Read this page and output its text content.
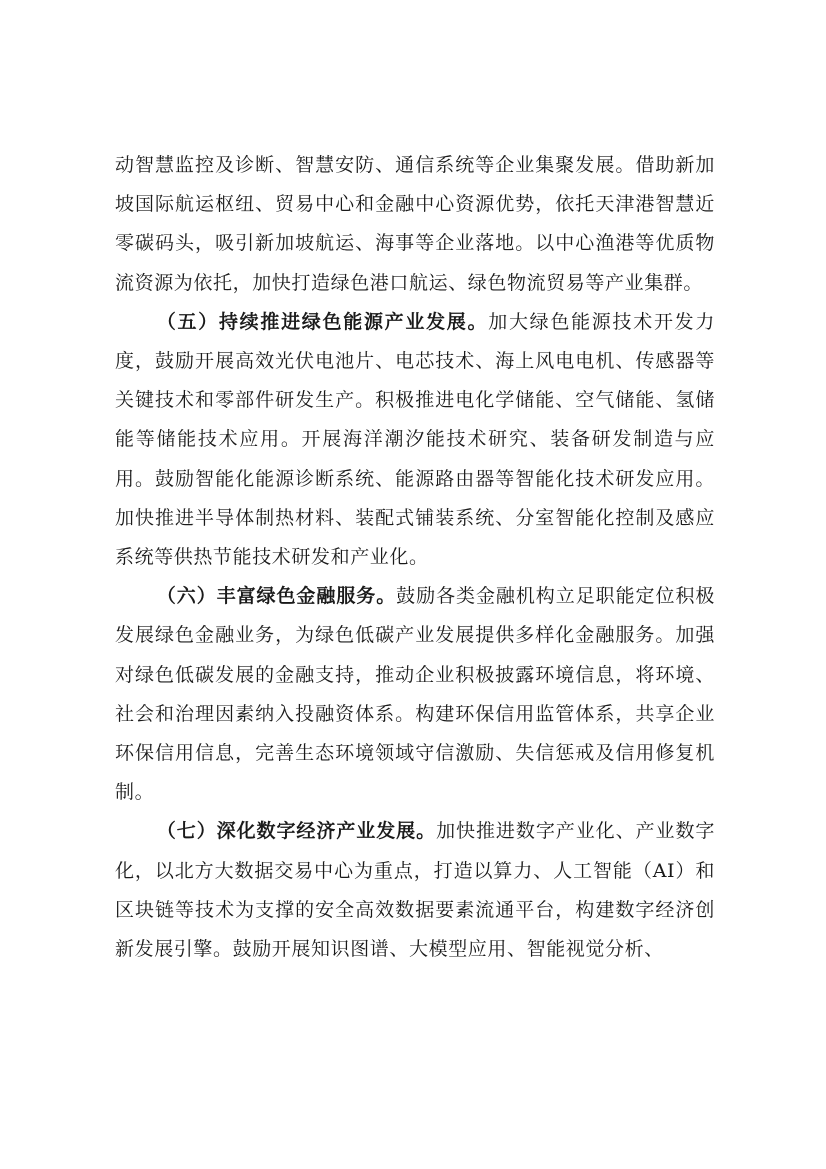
动智慧监控及诊断、智慧安防、通信系统等企业集聚发展。借助新加坡国际航运枢纽、贸易中心和金融中心资源优势，依托天津港智慧近零碳码头，吸引新加坡航运、海事等企业落地。以中心渔港等优质物流资源为依托，加快打造绿色港口航运、绿色物流贸易等产业集群。

（五）持续推进绿色能源产业发展。加大绿色能源技术开发力度，鼓励开展高效光伏电池片、电芯技术、海上风电电机、传感器等关键技术和零部件研发生产。积极推进电化学储能、空气储能、氢储能等储能技术应用。开展海洋潮汐能技术研究、装备研发制造与应用。鼓励智能化能源诊断系统、能源路由器等智能化技术研发应用。加快推进半导体制热材料、装配式铺装系统、分室智能化控制及感应系统等供热节能技术研发和产业化。

（六）丰富绿色金融服务。鼓励各类金融机构立足职能定位积极发展绿色金融业务，为绿色低碳产业发展提供多样化金融服务。加强对绿色低碳发展的金融支持，推动企业积极披露环境信息，将环境、社会和治理因素纳入投融资体系。构建环保信用监管体系，共享企业环保信用信息，完善生态环境领域守信激励、失信惩戒及信用修复机制。

（七）深化数字经济产业发展。加快推进数字产业化、产业数字化，以北方大数据交易中心为重点，打造以算力、人工智能（AI）和区块链等技术为支撑的安全高效数据要素流通平台，构建数字经济创新发展引擎。鼓励开展知识图谱、大模型应用、智能视觉分析、
